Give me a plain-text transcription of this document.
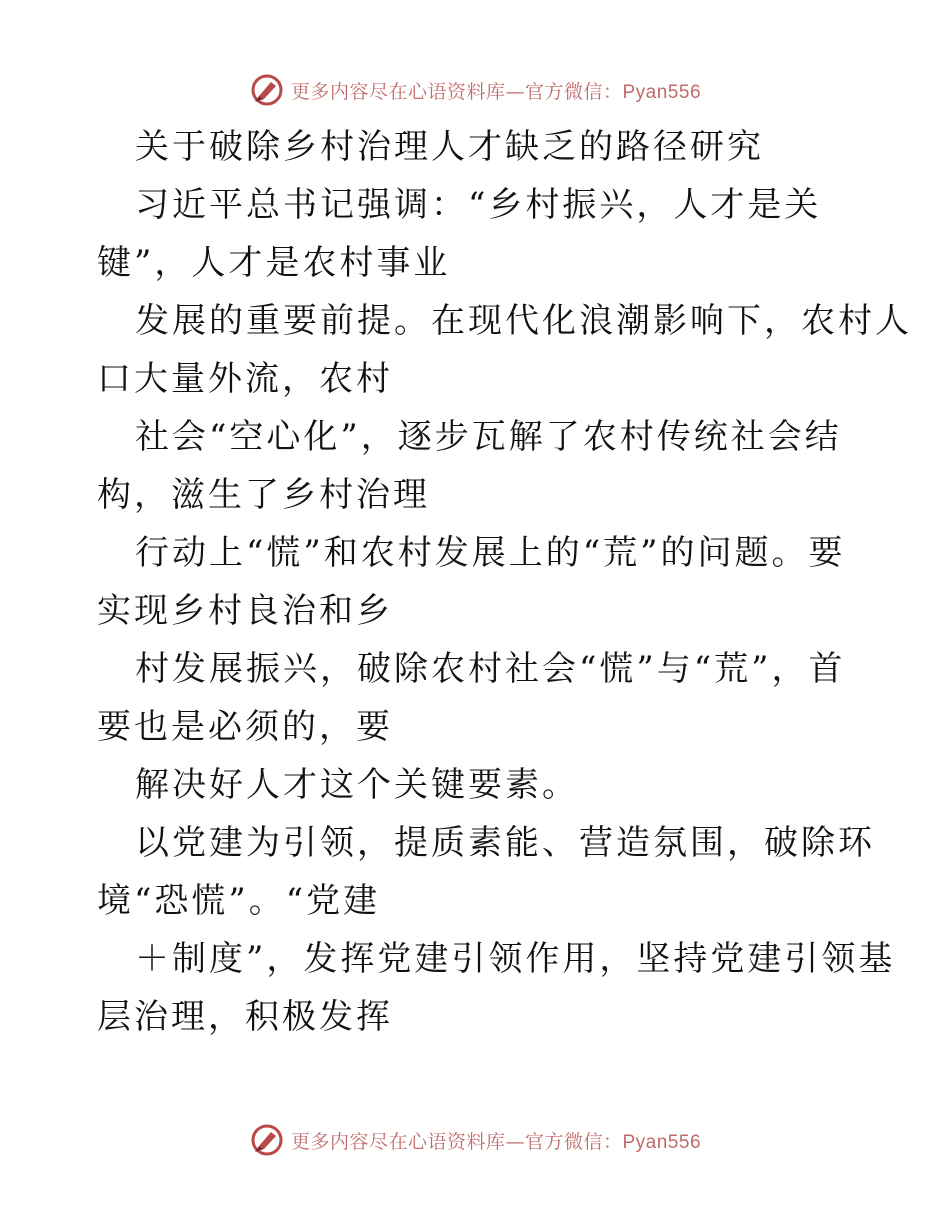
更多内容尽在心语资料库—官方微信：Pyan556
关于破除乡村治理人才缺乏的路径研究
习近平总书记强调：“乡村振兴，人才是关
键”，人才是农村事业
发展的重要前提。在现代化浪潮影响下，农村人
口大量外流，农村
社会“空心化”，逐步瓦解了农村传统社会结
构，滋生了乡村治理
行动上“慌”和农村发展上的“荒”的问题。要
实现乡村良治和乡
村发展振兴，破除农村社会“慌”与“荒”，首
要也是必须的，要
解决好人才这个关键要素。
以党建为引领，提质素能、营造氛围，破除环
境“恐慌”。“党建
＋制度”，发挥党建引领作用，坚持党建引领基
层治理，积极发挥
更多内容尽在心语资料库—官方微信：Pyan556
